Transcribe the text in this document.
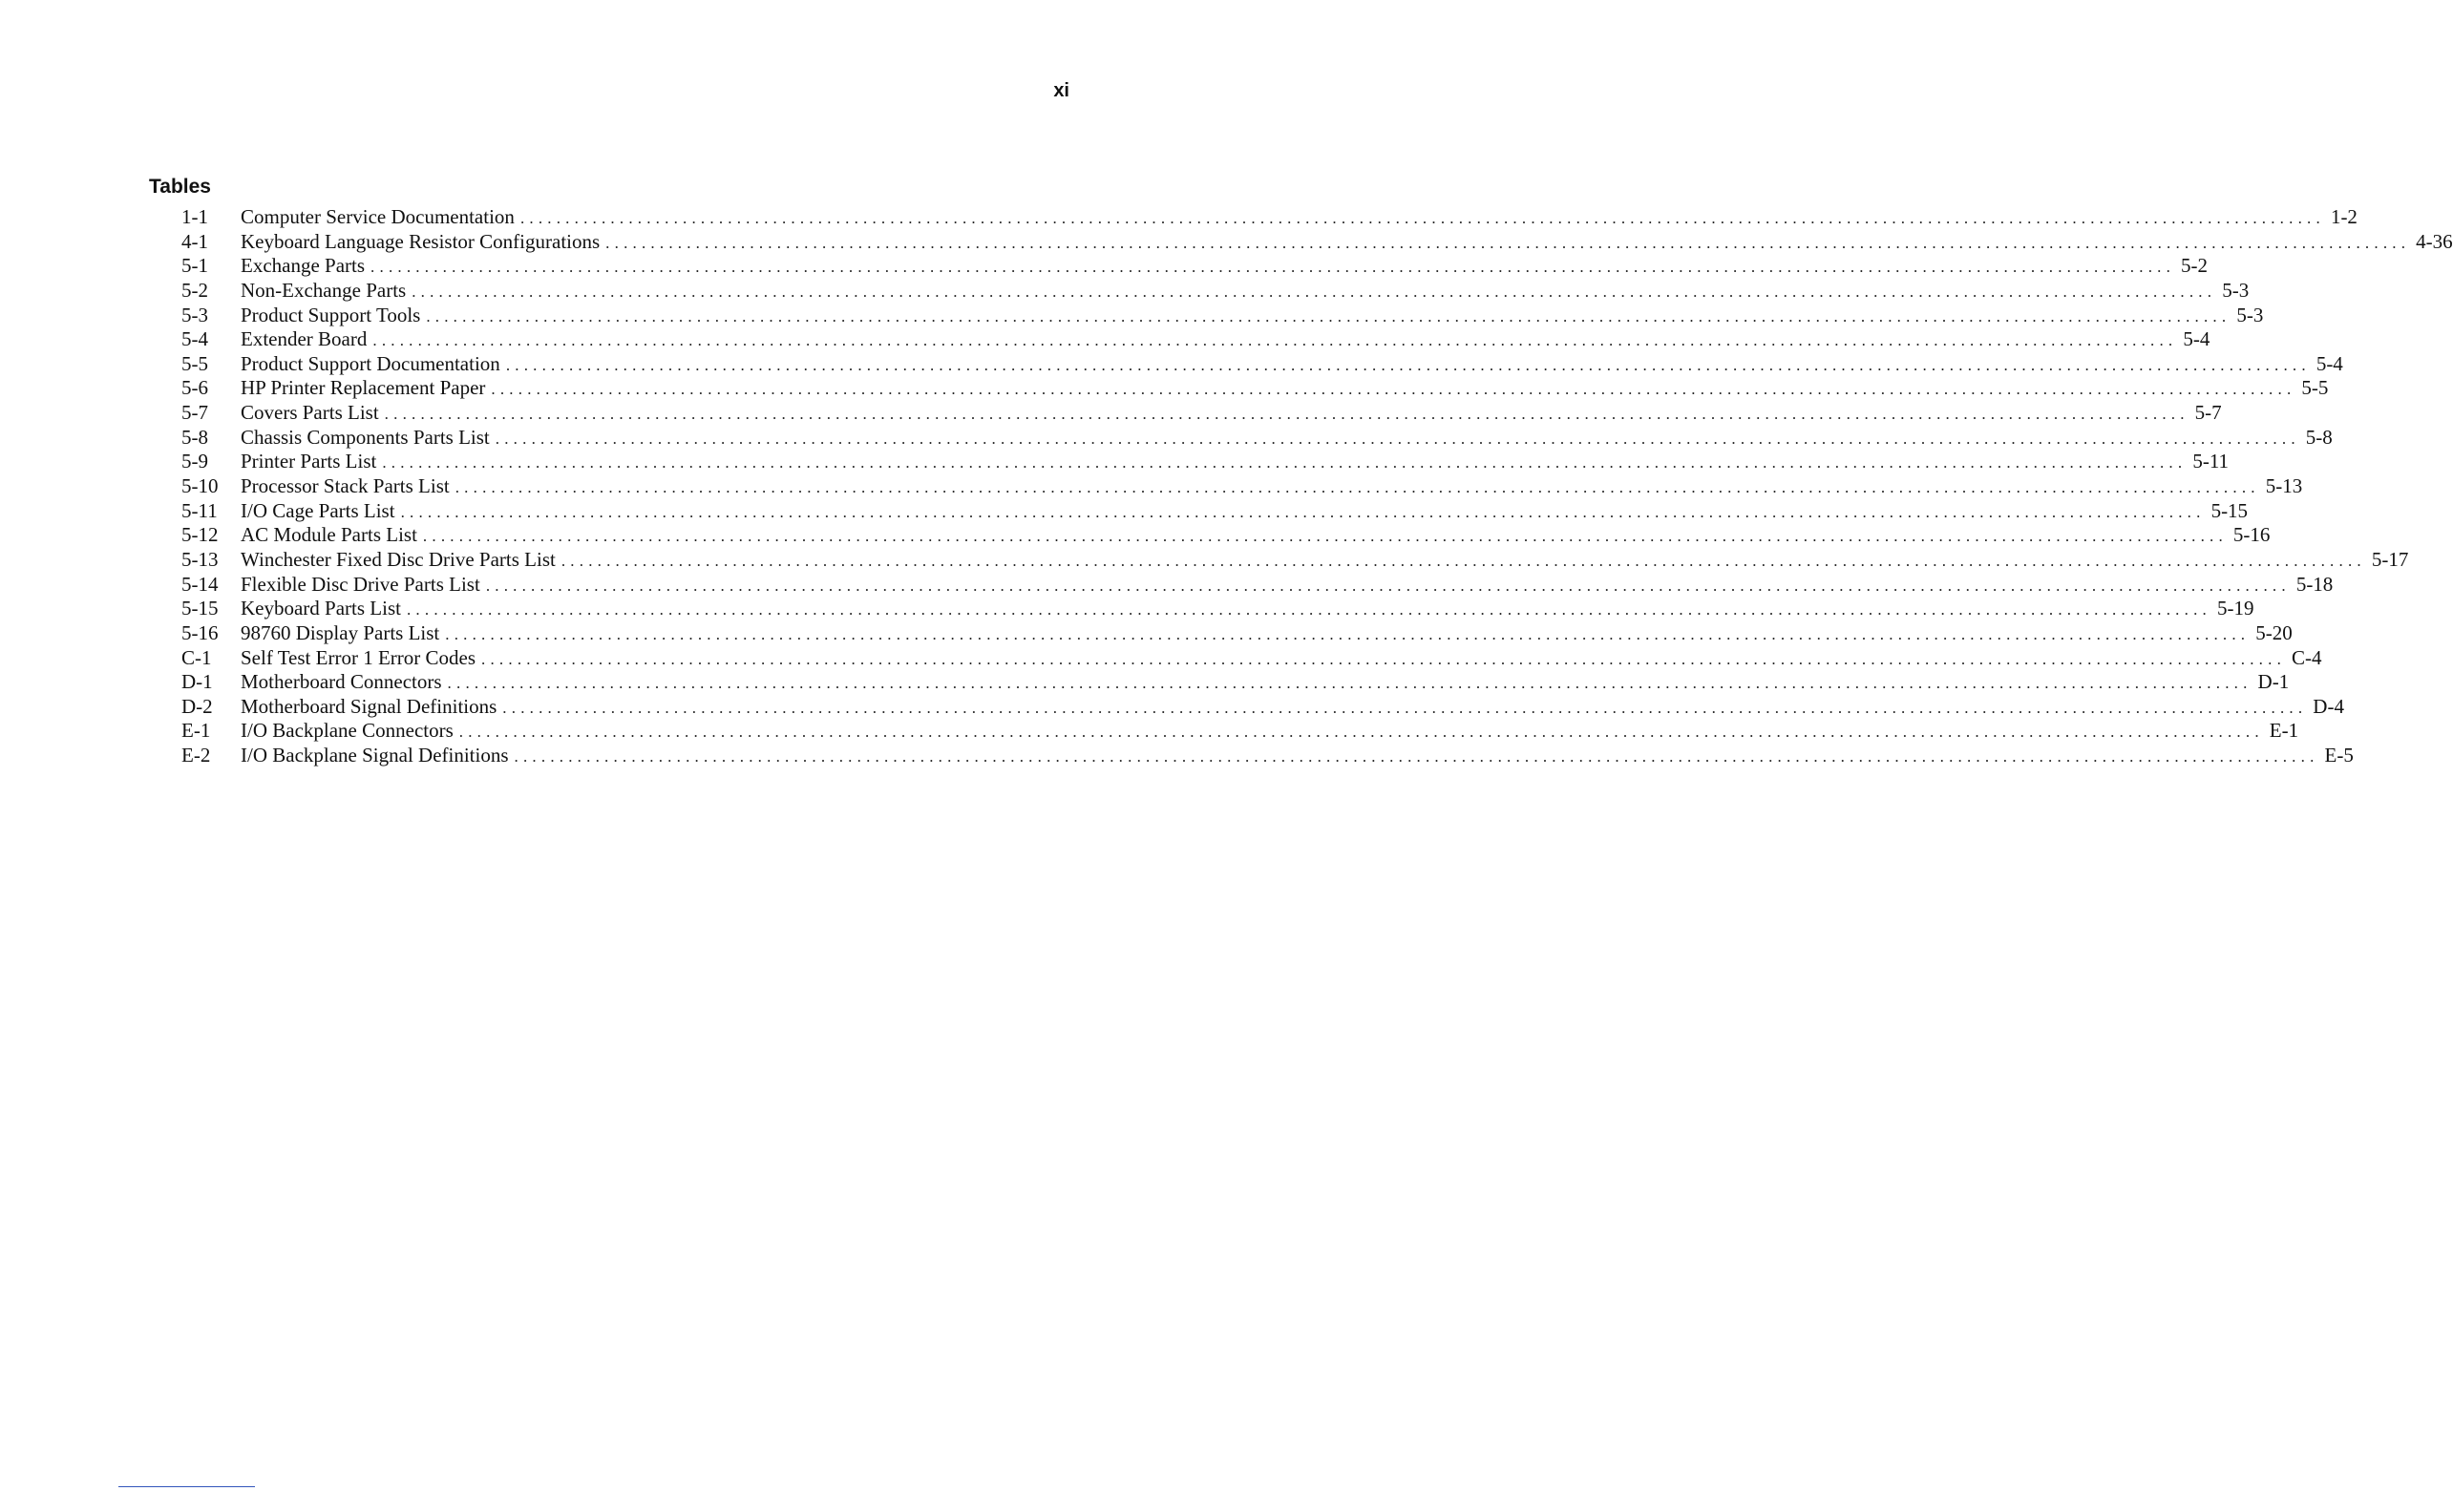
xi
Tables
1-1	Computer Service Documentation ........................................................................................................................................................................................................ 1-2
4-1	Keyboard Language Resistor Configurations ........................................................................................................................................................................................................ 4-36
5-1	Exchange Parts ........................................................................................................................................................................................................ 5-2
5-2	Non-Exchange Parts ........................................................................................................................................................................................................ 5-3
5-3	Product Support Tools ........................................................................................................................................................................................................ 5-3
5-4	Extender Board ........................................................................................................................................................................................................ 5-4
5-5	Product Support Documentation ........................................................................................................................................................................................................ 5-4
5-6	HP Printer Replacement Paper ........................................................................................................................................................................................................ 5-5
5-7	Covers Parts List ........................................................................................................................................................................................................ 5-7
5-8	Chassis Components Parts List ........................................................................................................................................................................................................ 5-8
5-9	Printer Parts List ........................................................................................................................................................................................................ 5-11
5-10	Processor Stack Parts List ........................................................................................................................................................................................................ 5-13
5-11	I/O Cage Parts List ........................................................................................................................................................................................................ 5-15
5-12	AC Module Parts List ........................................................................................................................................................................................................ 5-16
5-13	Winchester Fixed Disc Drive Parts List ........................................................................................................................................................................................................ 5-17
5-14	Flexible Disc Drive Parts List ........................................................................................................................................................................................................ 5-18
5-15	Keyboard Parts List ........................................................................................................................................................................................................ 5-19
5-16	98760 Display Parts List ........................................................................................................................................................................................................ 5-20
C-1	Self Test Error 1 Error Codes ........................................................................................................................................................................................................ C-4
D-1	Motherboard Connectors ........................................................................................................................................................................................................ D-1
D-2	Motherboard Signal Definitions ........................................................................................................................................................................................................ D-4
E-1	I/O Backplane Connectors ........................................................................................................................................................................................................ E-1
E-2	I/O Backplane Signal Definitions ........................................................................................................................................................................................................ E-5
